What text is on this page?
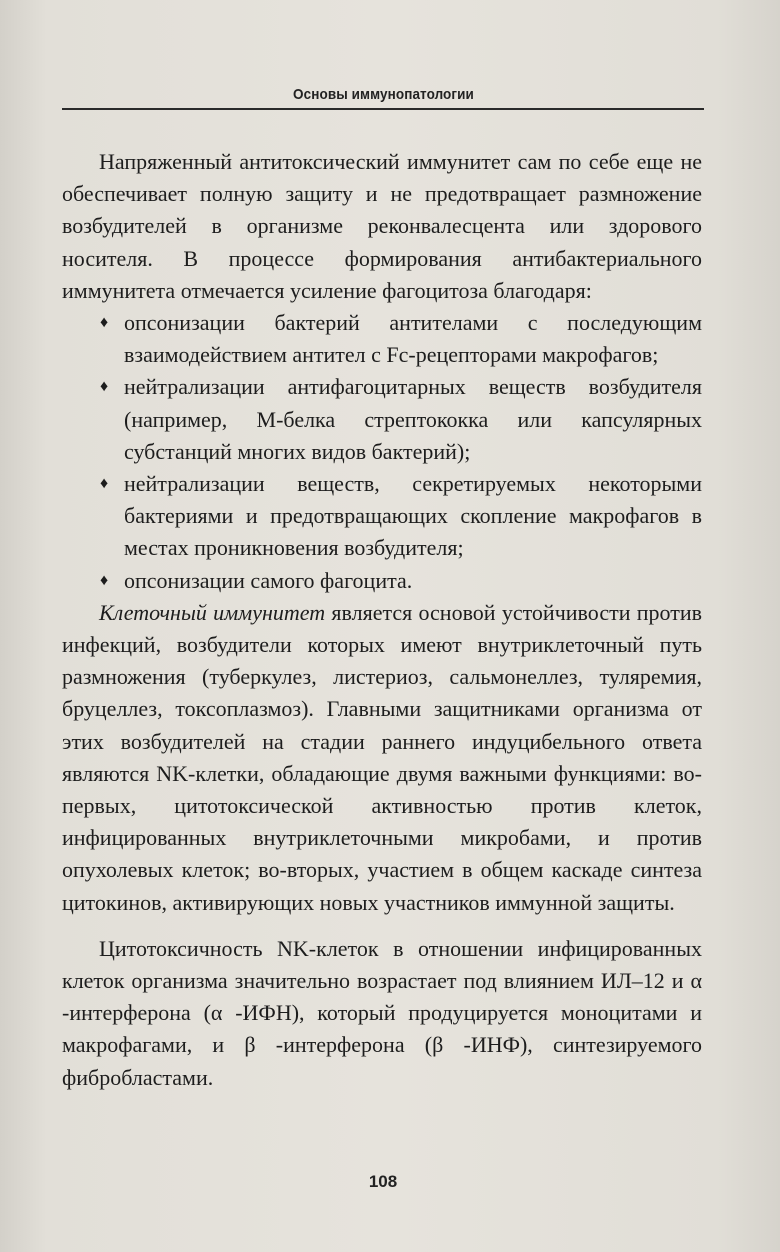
Основы иммунопатологии

Напряженный антитоксический иммунитет сам по себе еще не обеспечивает полную защиту и не предотвращает размножение возбудителей в организме реконвалесцента или здорового носителя. В процессе формирования антибактериального иммунитета отмечается усиление фагоцитоза благодаря:

♦ опсонизации бактерий антителами с последующим взаимодействием антител с Fc-рецепторами макрофагов;
♦ нейтрализации антифагоцитарных веществ возбудителя (например, М-белка стрептококка или капсулярных субстанций многих видов бактерий);
♦ нейтрализации веществ, секретируемых некоторыми бактериями и предотвращающих скопление макрофагов в местах проникновения возбудителя;
♦ опсонизации самого фагоцита.

Клеточный иммунитет является основой устойчивости против инфекций, возбудители которых имеют внутриклеточный путь размножения (туберкулез, листериоз, сальмонеллез, туляремия, бруцеллез, токсоплазмоз). Главными защитниками организма от этих возбудителей на стадии раннего индуцибельного ответа являются NK-клетки, обладающие двумя важными функциями: во-первых, цитотоксической активностью против клеток, инфицированных внутриклеточными микробами, и против опухолевых клеток; во-вторых, участием в общем каскаде синтеза цитокинов, активирующих новых участников иммунной защиты.

Цитотоксичность NK-клеток в отношении инфицированных клеток организма значительно возрастает под влиянием ИЛ–12 и α -интерферона (α -ИФН), который продуцируется моноцитами и макрофагами, и β -интерферона (β -ИНФ), синтезируемого фибробластами.

108
